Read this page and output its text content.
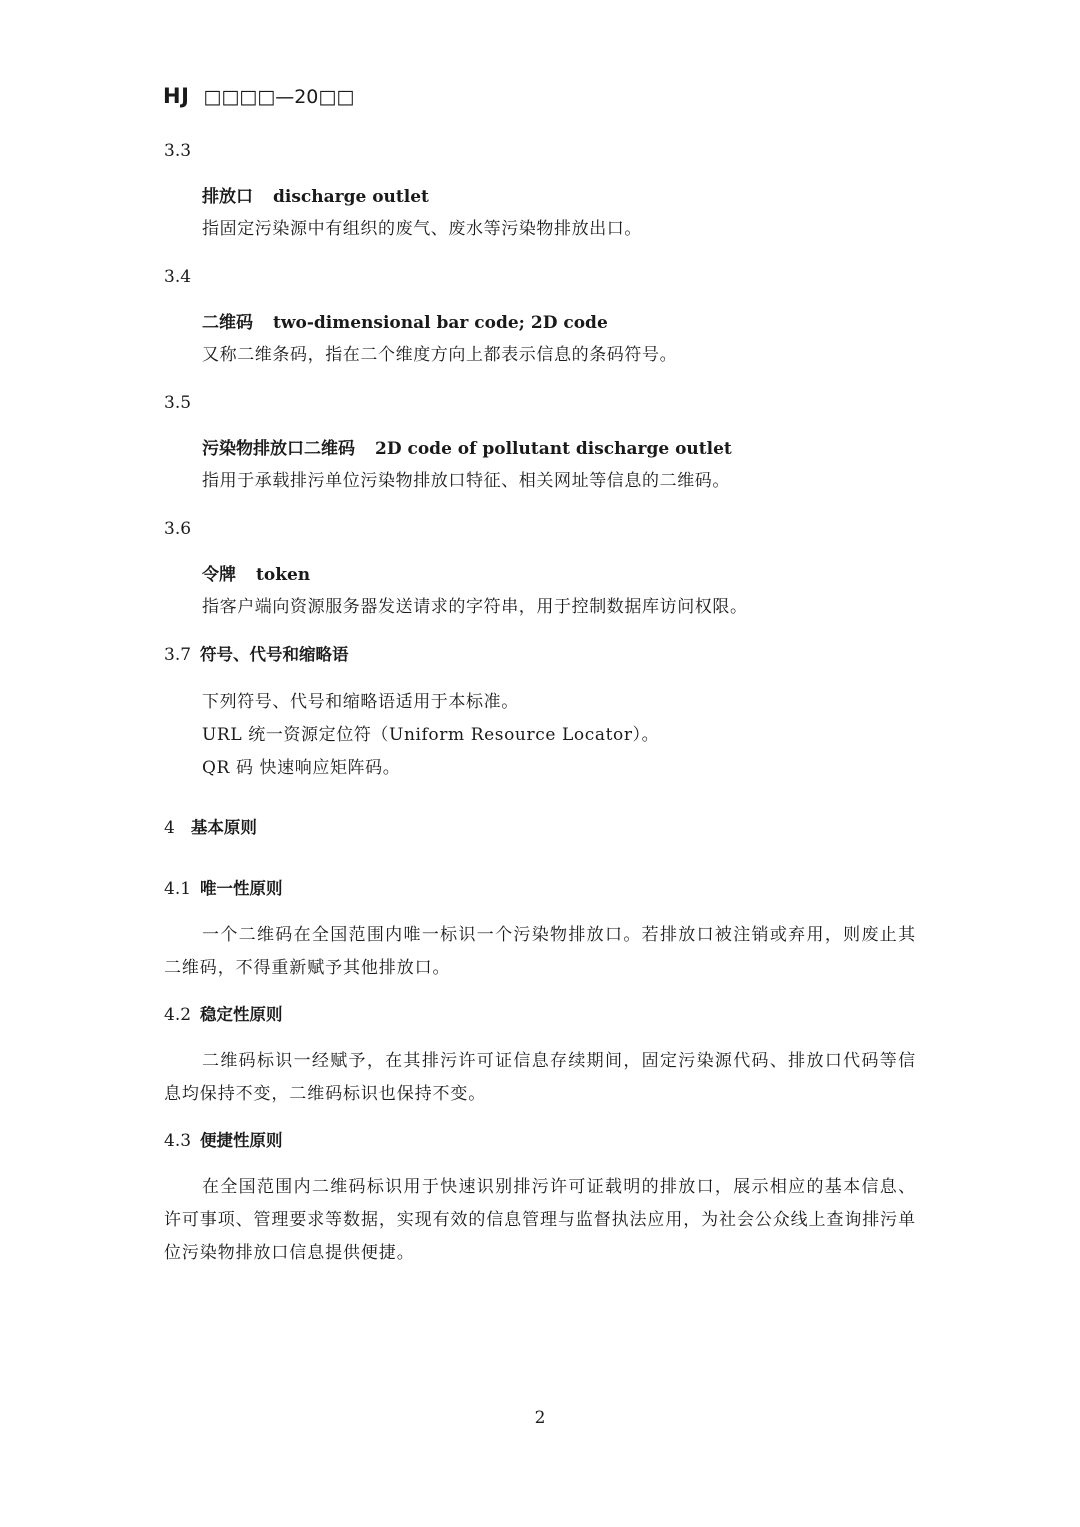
HJ □□□□—20□□
3.3
排放口 discharge outlet
指固定污染源中有组织的废气、废水等污染物排放出口。
3.4
二维码 two-dimensional bar code; 2D code
又称二维条码，指在二个维度方向上都表示信息的条码符号。
3.5
污染物排放口二维码 2D code of pollutant discharge outlet
指用于承载排污单位污染物排放口特征、相关网址等信息的二维码。
3.6
令牌 token
指客户端向资源服务器发送请求的字符串，用于控制数据库访问权限。
3.7 符号、代号和缩略语
下列符号、代号和缩略语适用于本标准。
URL 统一资源定位符（Uniform Resource Locator）。
QR 码 快速响应矩阵码。
4 基本原则
4.1 唯一性原则
一个二维码在全国范围内唯一标识一个污染物排放口。若排放口被注销或弃用，则废止其二维码，不得重新赋予其他排放口。
4.2 稳定性原则
二维码标识一经赋予，在其排污许可证信息存续期间，固定污染源代码、排放口代码等信息均保持不变，二维码标识也保持不变。
4.3 便捷性原则
在全国范围内二维码标识用于快速识别排污许可证载明的排放口，展示相应的基本信息、许可事项、管理要求等数据，实现有效的信息管理与监督执法应用，为社会公众线上查询排污单位污染物排放口信息提供便捷。
2
